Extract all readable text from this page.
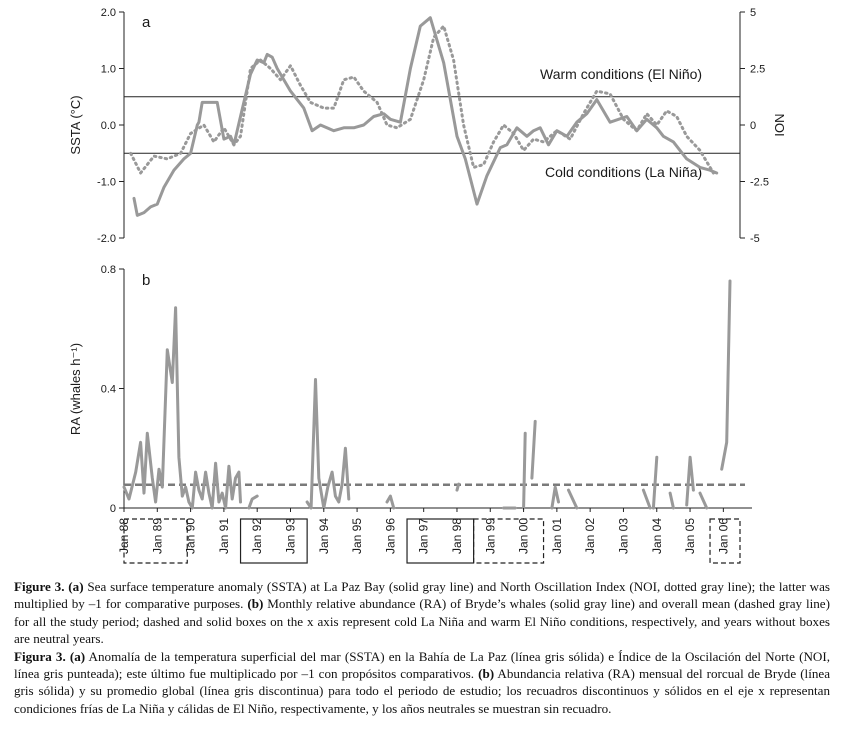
a
SSTA (°C)	NOI
Warm conditions (El Niño)
Cold conditions (La Niña)
2.0
1.0
0.0
-1.0
-2.0
5
2.5
0
-2.5
-5
b
RA (whales h⁻¹)
0.8
0.4
0
Jan 88 Jan 89 Jan 90 Jan 91 Jan 92 Jan 93 Jan 94 Jan 95 Jan 96 Jan 97 Jan 98 Jan 99 Jan 00 Jan 01 Jan 02 Jan 03 Jan 04 Jan 05 Jan 06

Figure 3. (a) Sea surface temperature anomaly (SSTA) at La Paz Bay (solid gray line) and North Oscillation Index (NOI, dotted gray line); the latter was multiplied by –1 for comparative purposes. (b) Monthly relative abundance (RA) of Bryde’s whales (solid gray line) and overall mean (dashed gray line) for all the study period; dashed and solid boxes on the x axis represent cold La Niña and warm El Niño conditions, respectively, and years without boxes are neutral years.

Figura 3. (a) Anomalía de la temperatura superficial del mar (SSTA) en la Bahía de La Paz (línea gris sólida) e Índice de la Oscilación del Norte (NOI, línea gris punteada); este último fue multiplicado por –1 con propósitos comparativos. (b) Abundancia relativa (RA) mensual del rorcual de Bryde (línea gris sólida) y su promedio global (línea gris discontinua) para todo el periodo de estudio; los recuadros discontinuos y sólidos en el eje x representan condiciones frías de La Niña y cálidas de El Niño, respectivamente, y los años neutrales se muestran sin recuadro.
